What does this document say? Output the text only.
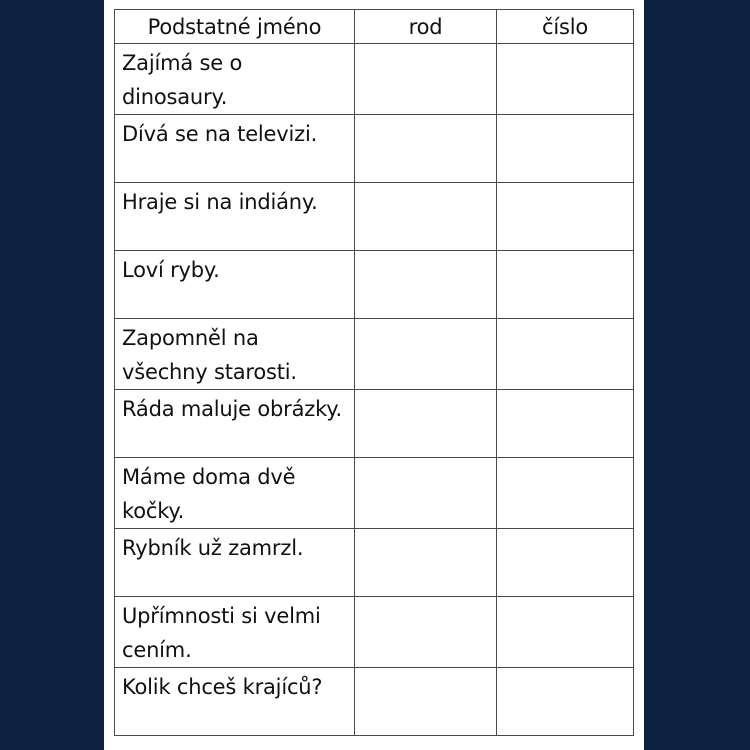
Podstatné jméno	rod	číslo
Zajímá se o dinosaury.		
Dívá se na televizi.		
Hraje si na indiány.		
Loví ryby.		
Zapomněl na všechny starosti.		
Ráda maluje obrázky.		
Máme doma dvě kočky.		
Rybník už zamrzl.		
Upřímnosti si velmi cením.		
Kolik chceš krajíců?		
